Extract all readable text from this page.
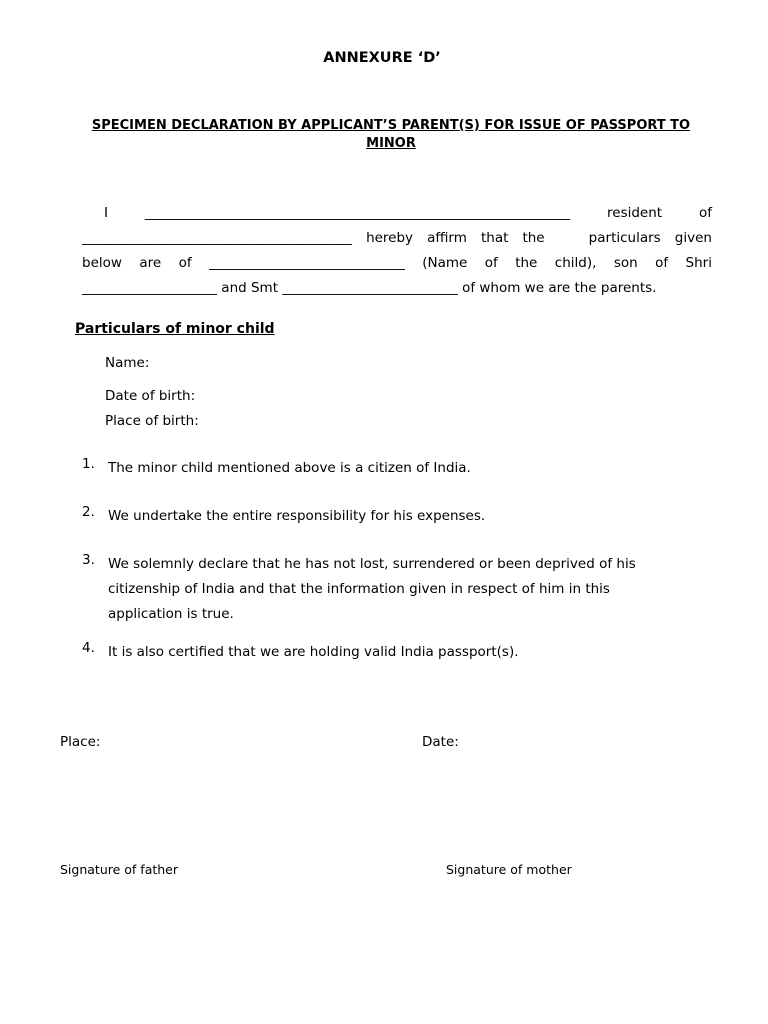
ANNEXURE ‘D’
SPECIMEN DECLARATION BY APPLICANT’S PARENT(S) FOR ISSUE OF PASSPORT TO MINOR
I	_______________________________________________________________	resident	of
________________________________________ hereby affirm that the	particulars given
below are of _____________________________ (Name of the child), son of Shri
____________________ and Smt __________________________ of whom we are the parents.
Particulars of minor child
Name:
Date of birth:
Place of birth:
1. The minor child mentioned above is a citizen of India.
2. We undertake the entire responsibility for his expenses.
3. We solemnly declare that he has not lost, surrendered or been deprived of his citizenship of India and that the information given in respect of him in this application is true.
4. It is also certified that we are holding valid India passport(s).
Place:	Date:
Signature of father	Signature of mother
